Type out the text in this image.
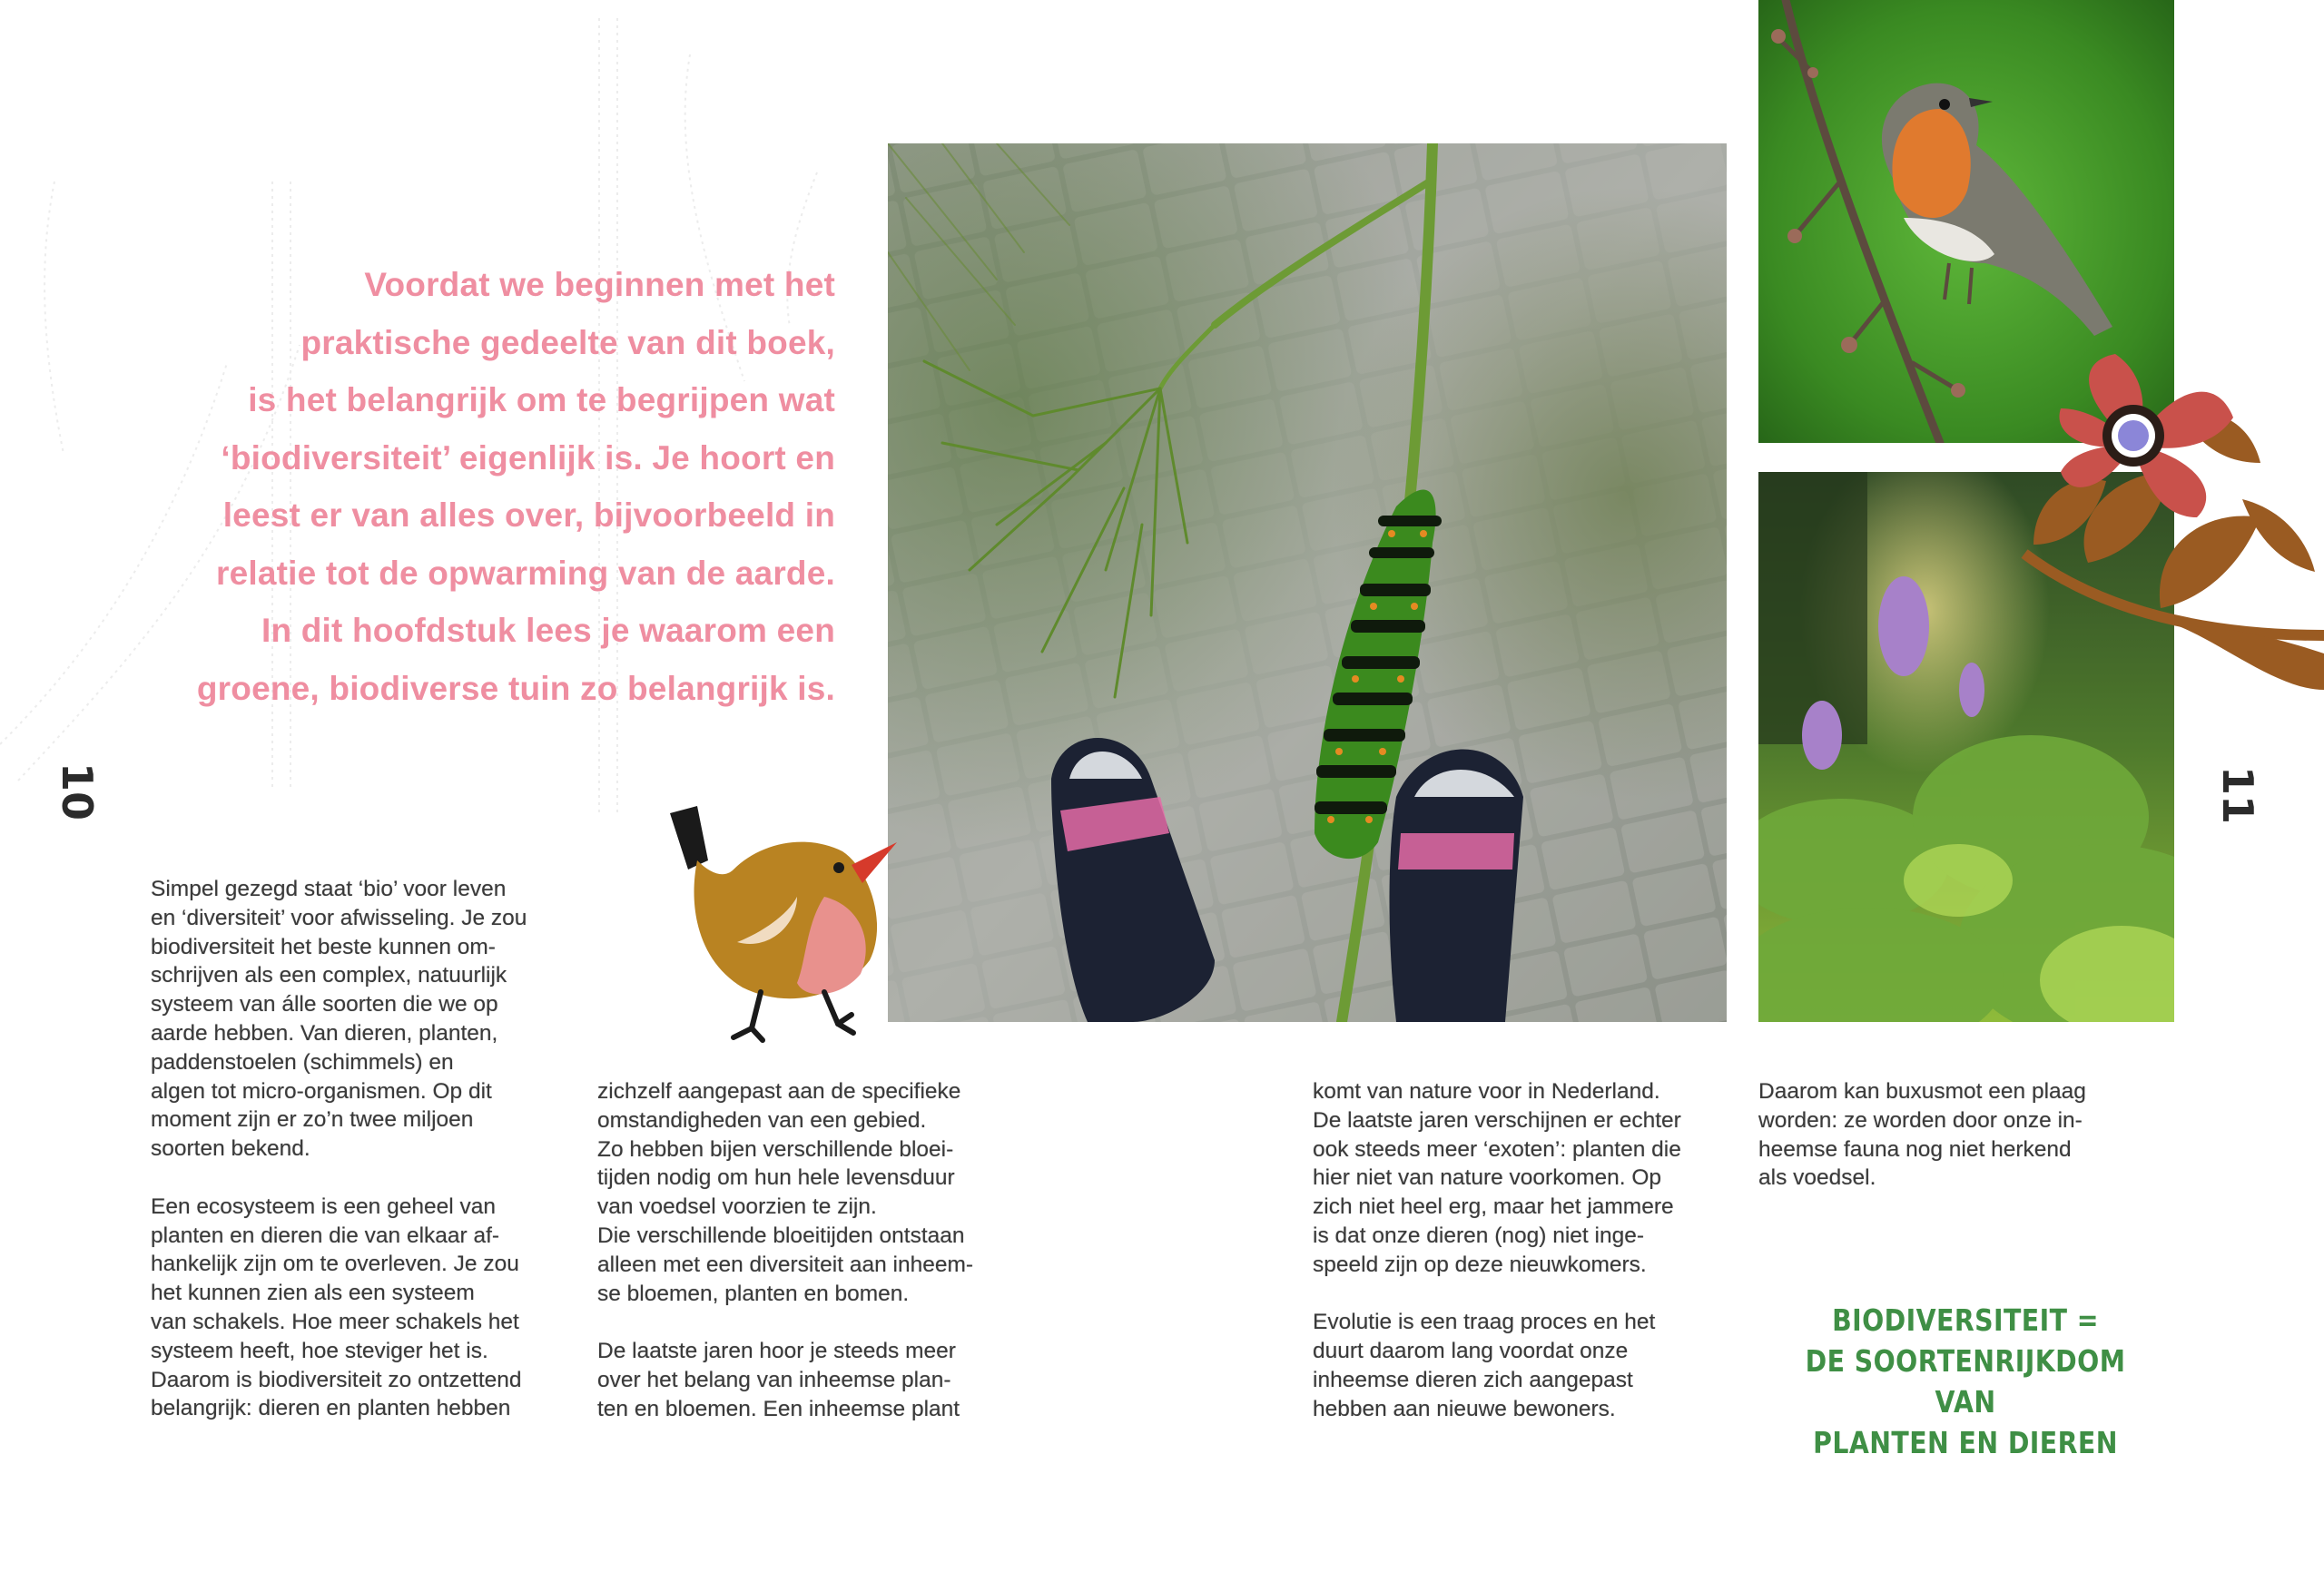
Voordat we beginnen met het

praktische gedeelte van dit boek,

is het belangrijk om te begrijpen wat

‘biodiversiteit’ eigenlijk is. Je hoort en

leest er van alles over, bijvoorbeeld in

relatie tot de opwarming van de aarde.

In dit hoofdstuk lees je waarom een

groene, biodiverse tuin zo belangrijk is.

10	11

Simpel gezegd staat ‘bio’ voor leven
en ‘diversiteit’ voor afwisseling. Je zou
biodiversiteit het beste kunnen om-
schrijven als een complex, natuurlijk
systeem van álle soorten die we op
aarde hebben. Van dieren, planten,
paddenstoelen (schimmels) en
algen tot micro-organismen. Op dit
moment zijn er zo’n twee miljoen
soorten bekend.

Een ecosysteem is een geheel van
planten en dieren die van elkaar af-
hankelijk zijn om te overleven. Je zou
het kunnen zien als een systeem
van schakels. Hoe meer schakels het
systeem heeft, hoe steviger het is.
Daarom is biodiversiteit zo ontzettend
belangrijk: dieren en planten hebben

zichzelf aangepast aan de specifieke
omstandigheden van een gebied.
Zo hebben bijen verschillende bloei-
tijden nodig om hun hele levensduur
van voedsel voorzien te zijn.
Die verschillende bloeitijden ontstaan
alleen met een diversiteit aan inheem-
se bloemen, planten en bomen.

De laatste jaren hoor je steeds meer
over het belang van inheemse plan-
ten en bloemen. Een inheemse plant

komt van nature voor in Nederland.
De laatste jaren verschijnen er echter
ook steeds meer ‘exoten’: planten die
hier niet van nature voorkomen. Op
zich niet heel erg, maar het jammere
is dat onze dieren (nog) niet inge-
speeld zijn op deze nieuwkomers.

Evolutie is een traag proces en het
duurt daarom lang voordat onze
inheemse dieren zich aangepast
hebben aan nieuwe bewoners.

Daarom kan buxusmot een plaag
worden: ze worden door onze in-
heemse fauna nog niet herkend
als voedsel.

BIODIVERSITEIT =
DE SOORTENRIJKDOM VAN
PLANTEN EN DIEREN
